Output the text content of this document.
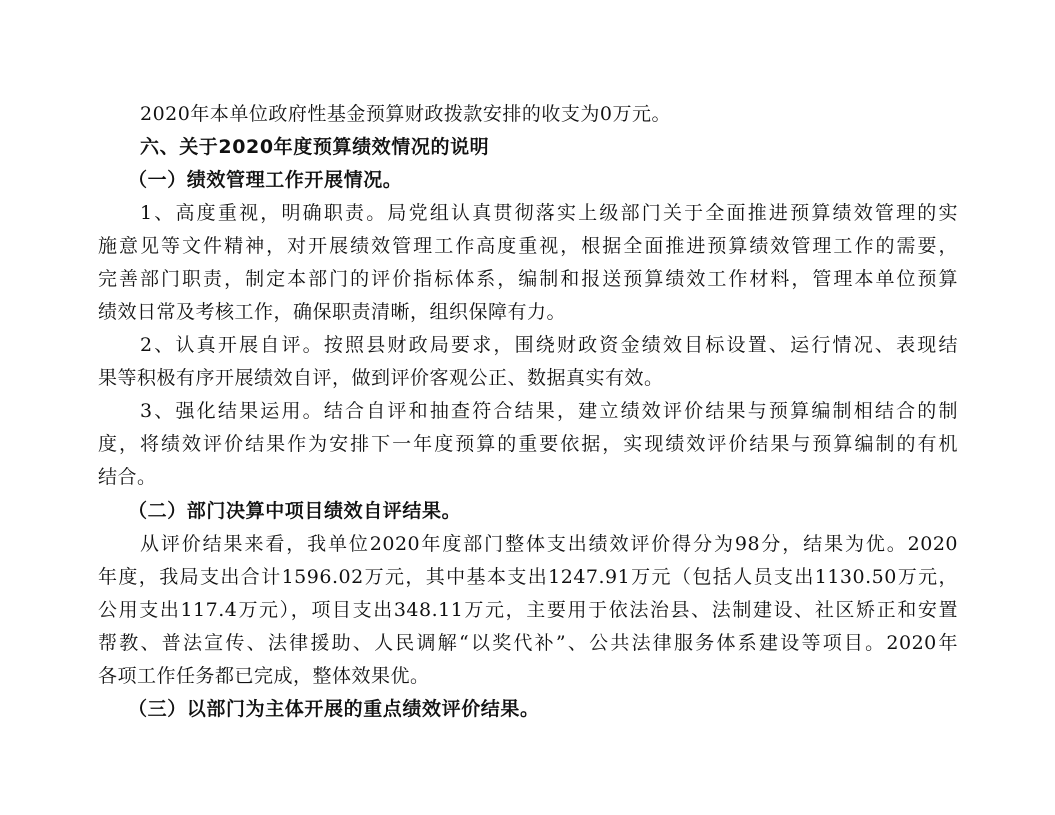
2020年本单位政府性基金预算财政拨款安排的收支为0万元。
六、关于2020年度预算绩效情况的说明
（一）绩效管理工作开展情况。
1、高度重视，明确职责。局党组认真贯彻落实上级部门关于全面推进预算绩效管理的实
施意见等文件精神，对开展绩效管理工作高度重视，根据全面推进预算绩效管理工作的需要，
完善部门职责，制定本部门的评价指标体系，编制和报送预算绩效工作材料，管理本单位预算
绩效日常及考核工作，确保职责清晰，组织保障有力。
2、认真开展自评。按照县财政局要求，围绕财政资金绩效目标设置、运行情况、表现结
果等积极有序开展绩效自评，做到评价客观公正、数据真实有效。
3、强化结果运用。结合自评和抽查符合结果，建立绩效评价结果与预算编制相结合的制
度，将绩效评价结果作为安排下一年度预算的重要依据，实现绩效评价结果与预算编制的有机
结合。
（二）部门决算中项目绩效自评结果。
从评价结果来看，我单位2020年度部门整体支出绩效评价得分为98分，结果为优。2020
年度，我局支出合计1596.02万元，其中基本支出1247.91万元（包括人员支出1130.50万元，
公用支出117.4万元），项目支出348.11万元，主要用于依法治县、法制建设、社区矫正和安置
帮教、普法宣传、法律援助、人民调解“以奖代补”、公共法律服务体系建设等项目。2020年
各项工作任务都已完成，整体效果优。
（三）以部门为主体开展的重点绩效评价结果。
